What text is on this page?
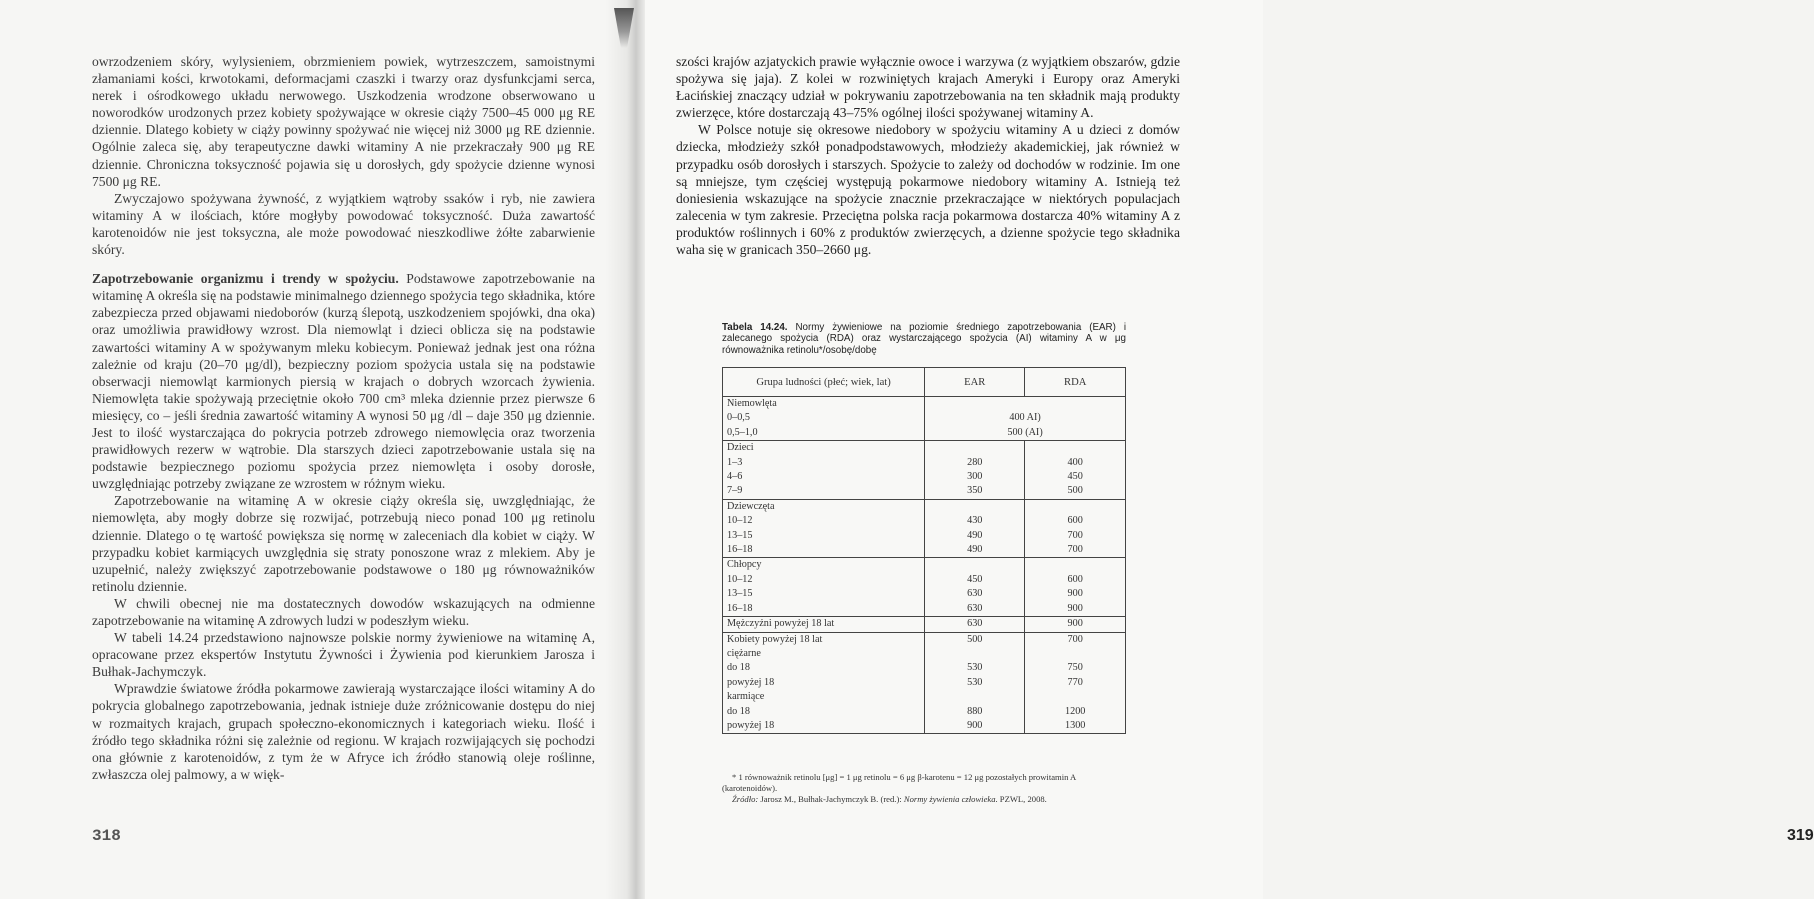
owrzodzeniem skóry, wylysieniem, obrzmieniem powiek, wytrzeszczem, samoistnymi złamaniami kości, krwotokami, deformacjami czaszki i twarzy oraz dysfunkcjami serca, nerek i ośrodkowego układu nerwowego. Uszkodzenia wrodzone obserwowano u noworodków urodzonych przez kobiety spożywające w okresie ciąży 7500–45 000 μg RE dziennie. Dlatego kobiety w ciąży powinny spożywać nie więcej niż 3000 μg RE dziennie. Ogólnie zaleca się, aby terapeutyczne dawki witaminy A nie przekraczały 900 μg RE dziennie. Chroniczna toksyczność pojawia się u dorosłych, gdy spożycie dzienne wynosi 7500 μg RE.

Zwyczajowo spożywana żywność, z wyjątkiem wątroby ssaków i ryb, nie zawiera witaminy A w ilościach, które mogłyby powodować toksyczność. Duża zawartość karotenoidów nie jest toksyczna, ale może powodować nieszkodliwe żółte zabarwienie skóry.

Zapotrzebowanie organizmu i trendy w spożyciu. Podstawowe zapotrzebowanie na witaminę A określa się na podstawie minimalnego dziennego spożycia tego składnika, które zabezpiecza przed objawami niedoborów (kurzą ślepotą, uszkodzeniem spojówki, dna oka) oraz umożliwia prawidłowy wzrost. Dla niemowląt i dzieci oblicza się na podstawie zawartości witaminy A w spożywanym mleku kobiecym. Ponieważ jednak jest ona różna zależnie od kraju (20–70 μg/dl), bezpieczny poziom spożycia ustala się na podstawie obserwacji niemowląt karmionych piersią w krajach o dobrych wzorcach żywienia. Niemowlęta takie spożywają przeciętnie około 700 cm³ mleka dziennie przez pierwsze 6 miesięcy, co – jeśli średnia zawartość witaminy A wynosi 50 μg /dl – daje 350 μg dziennie. Jest to ilość wystarczająca do pokrycia potrzeb zdrowego niemowlęcia oraz tworzenia prawidłowych rezerw w wątrobie. Dla starszych dzieci zapotrzebowanie ustala się na podstawie bezpiecznego poziomu spożycia przez niemowlęta i osoby dorosłe, uwzględniając potrzeby związane ze wzrostem w różnym wieku.

Zapotrzebowanie na witaminę A w okresie ciąży określa się, uwzględniając, że niemowlęta, aby mogły dobrze się rozwijać, potrzebują nieco ponad 100 μg retinolu dziennie. Dlatego o tę wartość powiększa się normę w zaleceniach dla kobiet w ciąży. W przypadku kobiet karmiących uwzględnia się straty ponoszone wraz z mlekiem. Aby je uzupełnić, należy zwiększyć zapotrzebowanie podstawowe o 180 μg równoważników retinolu dziennie.

W chwili obecnej nie ma dostatecznych dowodów wskazujących na odmienne zapotrzebowanie na witaminę A zdrowych ludzi w podeszłym wieku.

W tabeli 14.24 przedstawiono najnowsze polskie normy żywieniowe na witaminę A, opracowane przez ekspertów Instytutu Żywności i Żywienia pod kierunkiem Jarosza i Bułhak-Jachymczyk.

Wprawdzie światowe źródła pokarmowe zawierają wystarczające ilości witaminy A do pokrycia globalnego zapotrzebowania, jednak istnieje duże zróżnicowanie dostępu do niej w rozmaitych krajach, grupach społeczno-ekonomicznych i kategoriach wieku. Ilość i źródło tego składnika różni się zależnie od regionu. W krajach rozwijających się pochodzi ona głównie z karotenoidów, z tym że w Afryce ich źródło stanowią oleje roślinne, zwłaszcza olej palmowy, a w więk-

318	319

szości krajów azjatyckich prawie wyłącznie owoce i warzywa (z wyjątkiem obszarów, gdzie spożywa się jaja). Z kolei w rozwiniętych krajach Ameryki i Europy oraz Ameryki Łacińskiej znaczący udział w pokrywaniu zapotrzebowania na ten składnik mają produkty zwierzęce, które dostarczają 43–75% ogólnej ilości spożywanej witaminy A.

W Polsce notuje się okresowe niedobory w spożyciu witaminy A u dzieci z domów dziecka, młodzieży szkół ponadpodstawowych, młodzieży akademickiej, jak również w przypadku osób dorosłych i starszych. Spożycie to zależy od dochodów w rodzinie. Im one są mniejsze, tym częściej występują pokarmowe niedobory witaminy A. Istnieją też doniesienia wskazujące na spożycie znacznie przekraczające w niektórych populacjach zalecenia w tym zakresie. Przeciętna polska racja pokarmowa dostarcza 40% witaminy A z produktów roślinnych i 60% z produktów zwierzęcych, a dzienne spożycie tego składnika waha się w granicach 350–2660 μg.

Tabela 14.24. Normy żywieniowe na poziomie średniego zapotrzebowania (EAR) i zalecanego spożycia (RDA) oraz wystarczającego spożycia (AI) witaminy A w μg równoważnika retinolu*/osobę/dobę
Grupa ludności (płeć; wiek, lat)	EAR	RDA
Niemowlęta		
0–0,5	400 AI)	
0,5–1,0	500 (AI)	
Dzieci		
1–3	280	400
4–6	300	450
7–9	350	500
Dziewczęta		
10–12	430	600
13–15	490	700
16–18	490	700
Chłopcy		
10–12	450	600
13–15	630	900
16–18	630	900
Mężczyźni powyżej 18 lat	630	900
Kobiety powyżej 18 lat	500	700
ciężarne		
do 18	530	750
powyżej 18	530	770
karmiące		
do 18	880	1200
powyżej 18	900	1300

* 1 równoważnik retinolu [μg] = 1 μg retinolu = 6 μg β-karotenu = 12 μg pozostałych prowitamin A (karotenoidów).

Źródło: Jarosz M., Bułhak-Jachymczyk B. (red.): Normy żywienia człowieka. PZWL, 2008.
